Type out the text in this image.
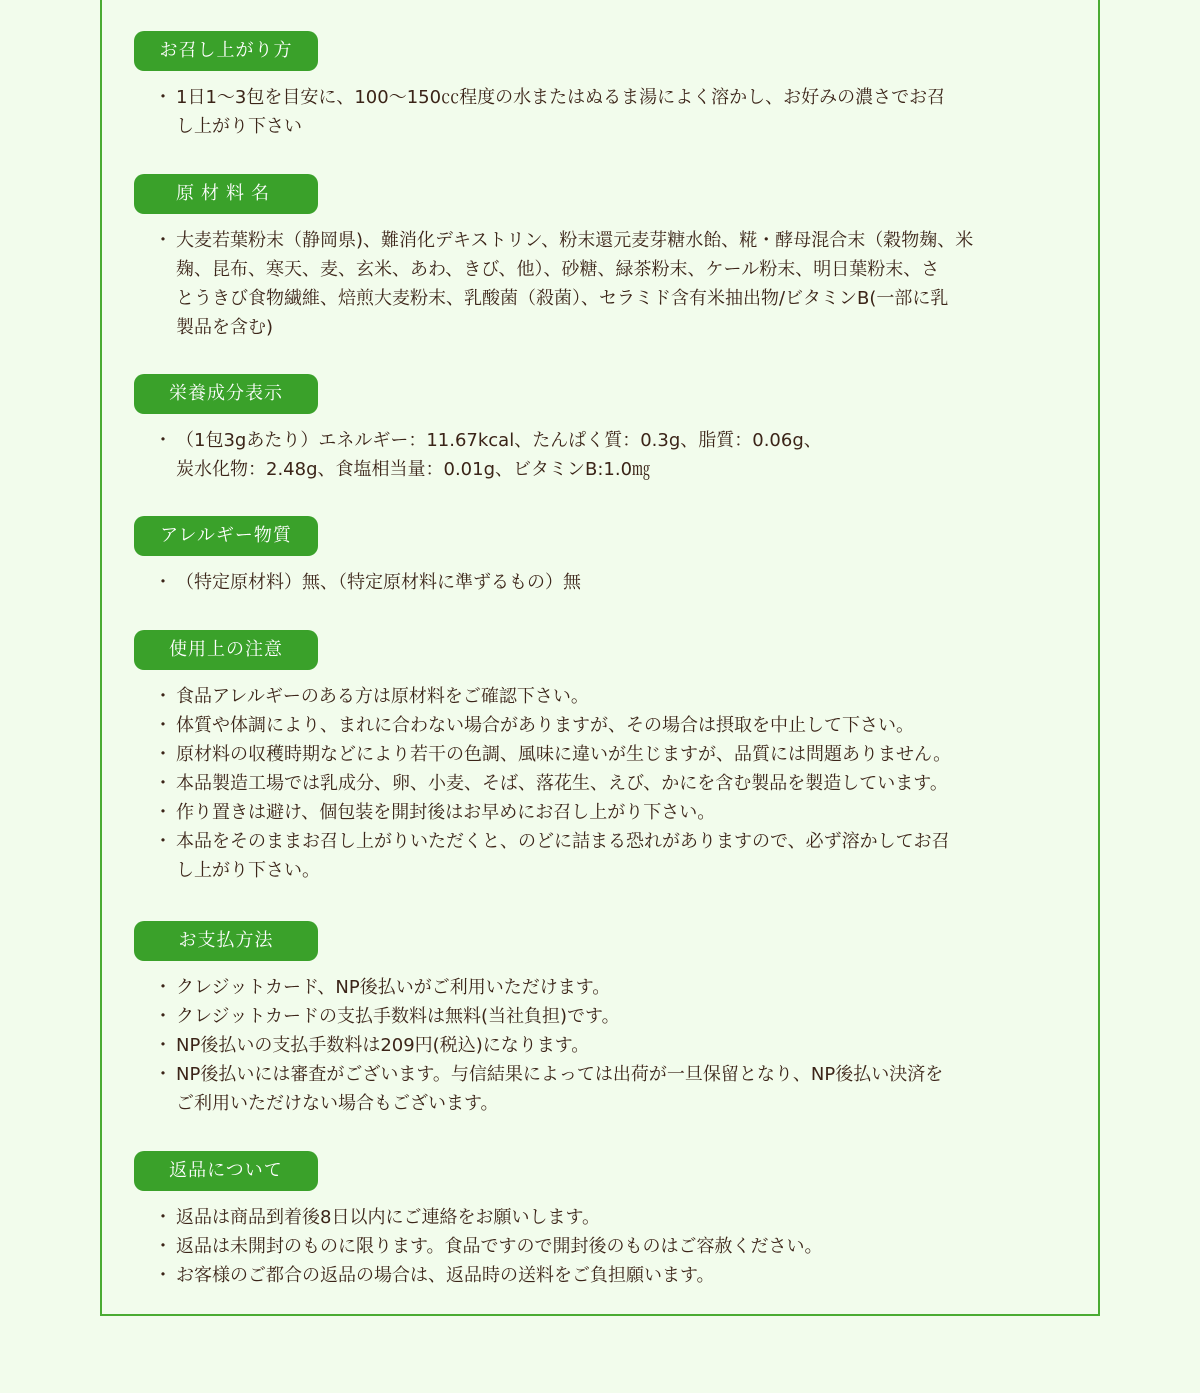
お召し上がり方
・ 1日1～3包を目安に、100～150㏄程度の水またはぬるま湯によく溶かし、お好みの濃さでお召
し上がり下さい
原材料名
・ 大麦若葉粉末（静岡県)、難消化デキストリン、粉末還元麦芽糖水飴、糀・酵母混合末（穀物麹、米
麹、昆布、寒天、麦、玄米、あわ、きび、他）、砂糖、緑茶粉末、ケール粉末、明日葉粉末、さ
とうきび食物繊維、焙煎大麦粉末、乳酸菌（殺菌）、セラミド含有米抽出物/ビタミンB(一部に乳
製品を含む)
栄養成分表示
・ （1包3gあたり）エネルギー：11.67kcal、たんぱく質：0.3g、脂質：0.06g、
炭水化物：2.48g、食塩相当量：0.01g、ビタミンB:1.0㎎
アレルギー物質
・ （特定原材料）無、（特定原材料に準ずるもの）無
使用上の注意
・ 食品アレルギーのある方は原材料をご確認下さい。
・ 体質や体調により、まれに合わない場合がありますが、その場合は摂取を中止して下さい。
・ 原材料の収穫時期などにより若干の色調、風味に違いが生じますが、品質には問題ありません。
・ 本品製造工場では乳成分、卵、小麦、そば、落花生、えび、かにを含む製品を製造しています。
・ 作り置きは避け、個包装を開封後はお早めにお召し上がり下さい。
・ 本品をそのままお召し上がりいただくと、のどに詰まる恐れがありますので、必ず溶かしてお召
し上がり下さい。
お支払方法
・ クレジットカード、NP後払いがご利用いただけます。
・ クレジットカードの支払手数料は無料(当社負担)です。
・ NP後払いの支払手数料は209円(税込)になります。
・ NP後払いには審査がございます。与信結果によっては出荷が一旦保留となり、NP後払い決済を
ご利用いただけない場合もございます。
返品について
・ 返品は商品到着後8日以内にご連絡をお願いします。
・ 返品は未開封のものに限ります。食品ですので開封後のものはご容赦ください。
・ お客様のご都合の返品の場合は、返品時の送料をご負担願います。
